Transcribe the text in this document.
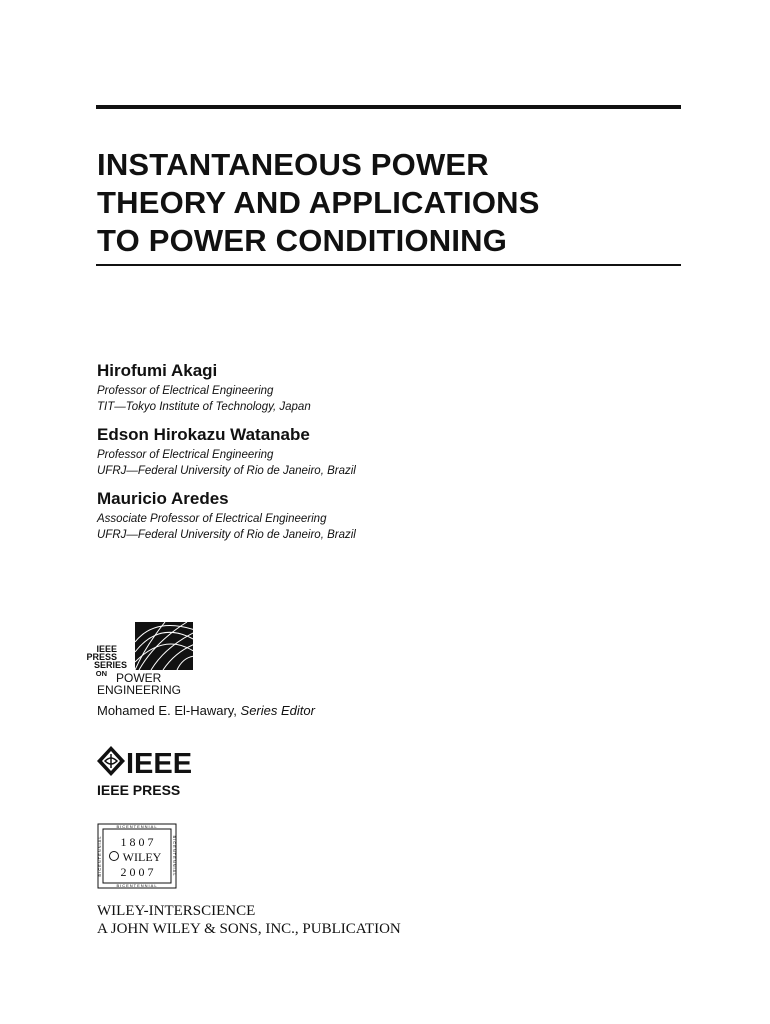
INSTANTANEOUS POWER
THEORY AND APPLICATIONS
TO POWER CONDITIONING

Hirofumi Akagi

Professor of Electrical Engineering
TIT—Tokyo Institute of Technology, Japan

Edson Hirokazu Watanabe

Professor of Electrical Engineering
UFRJ—Federal University of Rio de Janeiro, Brazil

Mauricio Aredes

Associate Professor of Electrical Engineering
UFRJ—Federal University of Rio de Janeiro, Brazil

IEEE
PRESS
SERIES
ON POWER
ENGINEERING
Mohamed E. El-Hawary, Series Editor
IEEE
IEEE PRESS
BICENTENNIAL
BICENTENNIAL
BICENTENNIAL	BICENTENNIAL
1 8 0 7
WILEY
2 0 0 7
WILEY-INTERSCIENCE
A JOHN WILEY & SONS, INC., PUBLICATION
